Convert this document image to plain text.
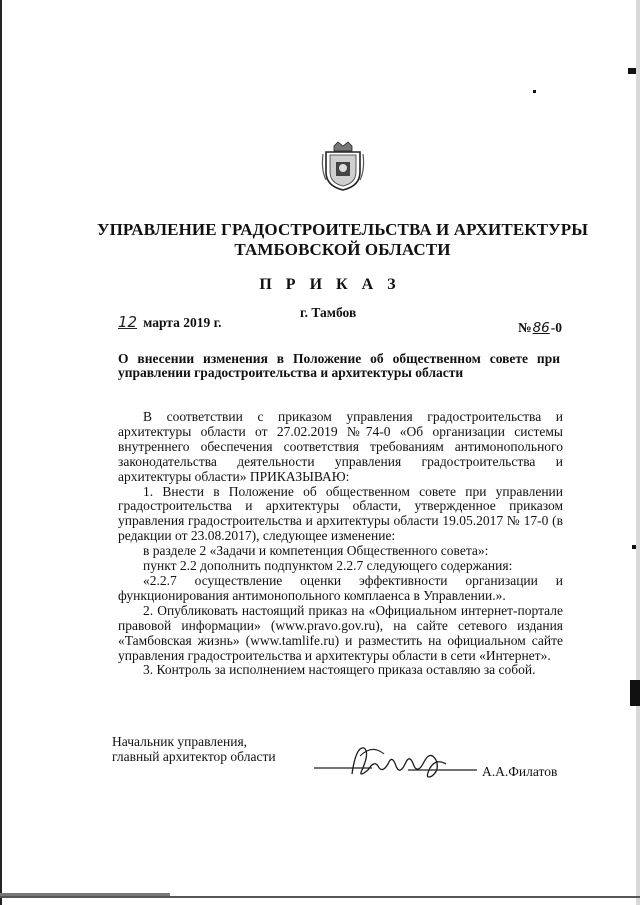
УПРАВЛЕНИЕ ГРАДОСТРОИТЕЛЬСТВА И АРХИТЕКТУРЫ
ТАМБОВСКОЙ ОБЛАСТИ
П Р И К А З
г. Тамбов
12 марта 2019 г.	№86-0
О внесении изменения в Положение об общественном совете при управлении градостроительства и архитектуры области

В соответствии с приказом управления градостроительства и архитектуры области от 27.02.2019 №74-0 «Об организации системы внутреннего обеспечения соответствия требованиям антимонопольного законодательства деятельности управления градостроительства и архитектуры области» ПРИКАЗЫВАЮ:

1. Внести в Положение об общественном совете при управлении градостроительства и архитектуры области, утвержденное приказом управления градостроительства и архитектуры области 19.05.2017 № 17-0 (в редакции от 23.08.2017), следующее изменение:

в разделе 2 «Задачи и компетенция Общественного совета»:

пункт 2.2 дополнить подпунктом 2.2.7 следующего содержания:

«2.2.7 осуществление оценки эффективности организации и функционирования антимонопольного комплаенса в Управлении.».

2. Опубликовать настоящий приказ на «Официальном интернет-портале правовой информации» (www.pravo.gov.ru), на сайте сетевого издания «Тамбовская жизнь» (www.tamlife.ru) и разместить на официальном сайте управления градостроительства и архитектуры области в сети «Интернет».

3. Контроль за исполнением настоящего приказа оставляю за собой.

Начальник управления,
главный архитектор области
А.А.Филатов
